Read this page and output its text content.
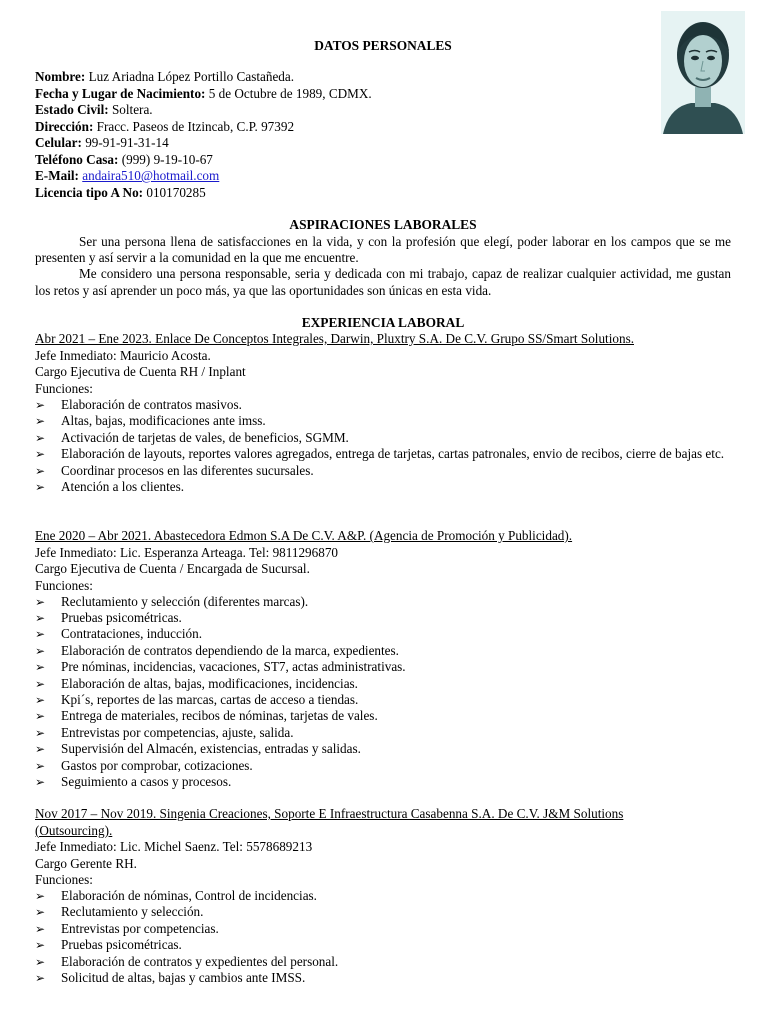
DATOS PERSONALES
Nombre: Luz Ariadna López Portillo Castañeda.
Fecha y Lugar de Nacimiento: 5 de Octubre de 1989, CDMX.
Estado Civil: Soltera.
Dirección: Fracc. Paseos de Itzincab, C.P. 97392
Celular: 99-91-91-31-14
Teléfono Casa: (999) 9-19-10-67
E-Mail: andaira510@hotmail.com
Licencia tipo A No: 010170285
ASPIRACIONES LABORALES
Ser una persona llena de satisfacciones en la vida, y con la profesión que elegí, poder laborar en los campos que se me presenten y así servir a la comunidad en la que me encuentre.
Me considero una persona responsable, seria y dedicada con mi trabajo, capaz de realizar cualquier actividad, me gustan los retos y así aprender un poco más, ya que las oportunidades son únicas en esta vida.
EXPERIENCIA LABORAL
Abr 2021 – Ene 2023. Enlace De Conceptos Integrales, Darwin, Pluxtry S.A. De C.V. Grupo SS/Smart Solutions.
Jefe Inmediato: Mauricio Acosta.
Cargo Ejecutiva de Cuenta RH / Inplant
Funciones:
➢ Elaboración de contratos masivos.
➢ Altas, bajas, modificaciones ante imss.
➢ Activación de tarjetas de vales, de beneficios, SGMM.
➢ Elaboración de layouts, reportes valores agregados, entrega de tarjetas, cartas patronales, envio de recibos, cierre de bajas etc.
➢ Coordinar procesos en las diferentes sucursales.
➢ Atención a los clientes.
Ene 2020 – Abr 2021. Abastecedora Edmon S.A De C.V. A&P. (Agencia de Promoción y Publicidad).
Jefe Inmediato: Lic. Esperanza Arteaga. Tel: 9811296870
Cargo Ejecutiva de Cuenta / Encargada de Sucursal.
Funciones:
➢ Reclutamiento y selección (diferentes marcas).
➢ Pruebas psicométricas.
➢ Contrataciones, inducción.
➢ Elaboración de contratos dependiendo de la marca, expedientes.
➢ Pre nóminas, incidencias, vacaciones, ST7, actas administrativas.
➢ Elaboración de altas, bajas, modificaciones, incidencias.
➢ Kpi´s, reportes de las marcas, cartas de acceso a tiendas.
➢ Entrega de materiales, recibos de nóminas, tarjetas de vales.
➢ Entrevistas por competencias, ajuste, salida.
➢ Supervisión del Almacén, existencias, entradas y salidas.
➢ Gastos por comprobar, cotizaciones.
➢ Seguimiento a casos y procesos.
Nov 2017 – Nov 2019. Singenia Creaciones, Soporte E Infraestructura Casabenna S.A. De C.V. J&M Solutions
(Outsourcing).
Jefe Inmediato: Lic. Michel Saenz. Tel: 5578689213
Cargo Gerente RH.
Funciones:
➢ Elaboración de nóminas, Control de incidencias.
➢ Reclutamiento y selección.
➢ Entrevistas por competencias.
➢ Pruebas psicométricas.
➢ Elaboración de contratos y expedientes del personal.
➢ Solicitud de altas, bajas y cambios ante IMSS.
